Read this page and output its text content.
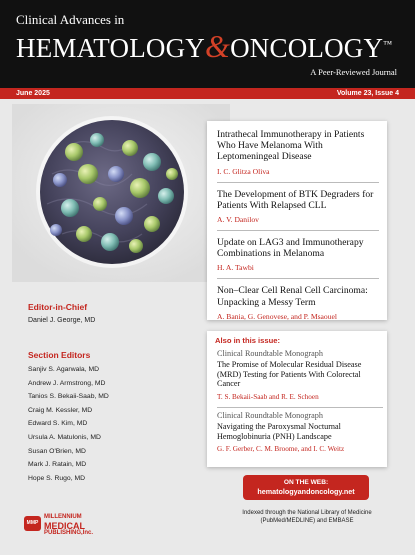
Clinical Advances in
HEMATOLOGY&ONCOLOGY™
A Peer-Reviewed Journal
June 2025	Volume 23, Issue 4
Intrathecal Immunotherapy in Patients Who Have Melanoma With Leptomeningeal Disease
I. C. Glitza Oliva
The Development of BTK Degraders for Patients With Relapsed CLL
A. V. Danilov
Update on LAG3 and Immunotherapy Combinations in Melanoma
H. A. Tawbi
Non–Clear Cell Renal Cell Carcinoma: Unpacking a Messy Term
A. Bania, G. Genovese, and P. Msaouel
Editor-in-Chief
Daniel J. George, MD
Section Editors
Sanjiv S. Agarwala, MD
Andrew J. Armstrong, MD
Tanios S. Bekaii-Saab, MD
Craig M. Kessler, MD
Edward S. Kim, MD
Ursula A. Matulonis, MD
Susan O'Brien, MD
Mark J. Ratain, MD
Hope S. Rugo, MD
Also in this issue:
Clinical Roundtable Monograph
The Promise of Molecular Residual Disease (MRD) Testing for Patients With Colorectal Cancer
T. S. Bekaii-Saab and R. E. Schoen
Clinical Roundtable Monograph
Navigating the Paroxysmal Nocturnal Hemoglobinuria (PNH) Landscape
G. F. Gerber, C. M. Broome, and I. C. Weitz
ON THE WEB:
hematologyandoncology.net
Indexed through the National Library of Medicine
(PubMed/MEDLINE) and EMBASE
MMP
MILLENNIUM
MEDICAL
PUBLISHING,Inc.
